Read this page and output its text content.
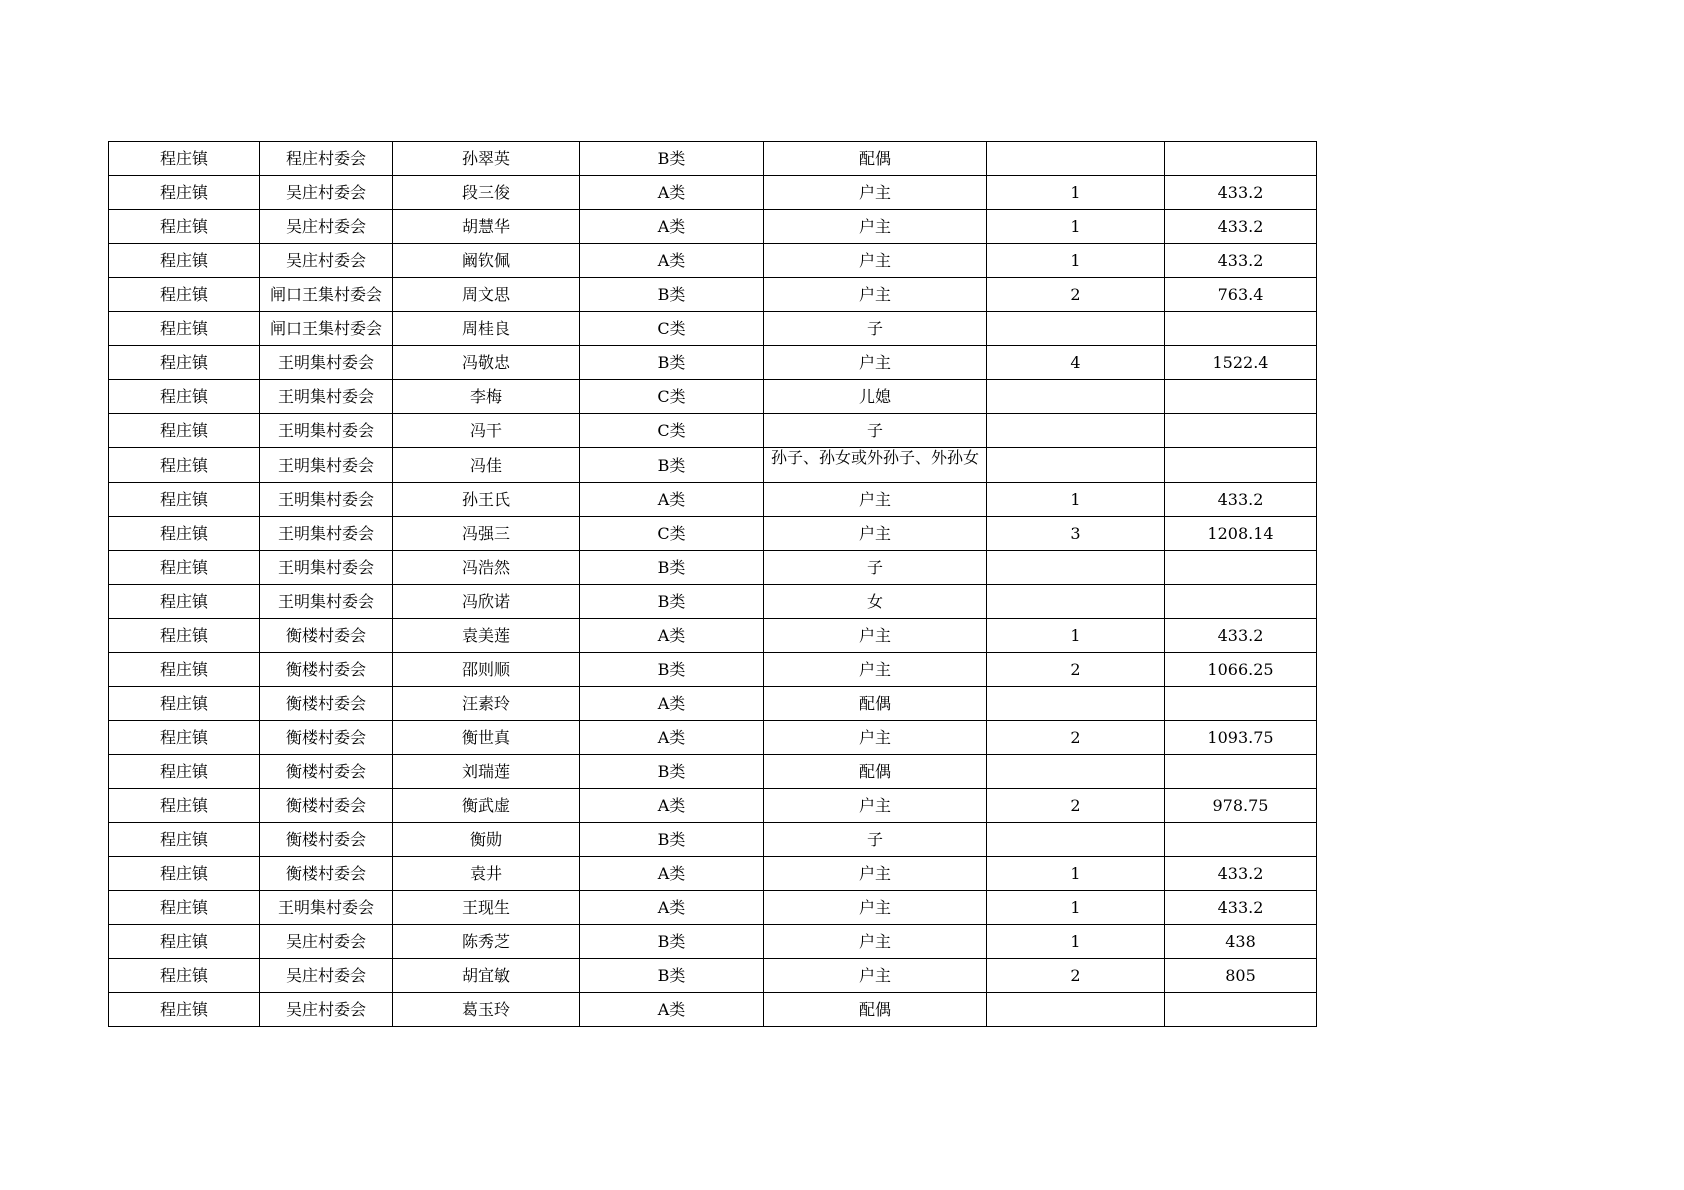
程庄镇	程庄村委会	孙翠英	B类	配偶		
程庄镇	吴庄村委会	段三俊	A类	户主	1	433.2
程庄镇	吴庄村委会	胡慧华	A类	户主	1	433.2
程庄镇	吴庄村委会	阚钦佩	A类	户主	1	433.2
程庄镇	闸口王集村委会	周文思	B类	户主	2	763.4
程庄镇	闸口王集村委会	周桂良	C类	子		
程庄镇	王明集村委会	冯敬忠	B类	户主	4	1522.4
程庄镇	王明集村委会	李梅	C类	儿媳		
程庄镇	王明集村委会	冯干	C类	子		
程庄镇	王明集村委会	冯佳	B类	孙子、孙女或外孙子、外孙女		

程庄镇	王明集村委会	孙王氏	A类	户主	1	433.2
程庄镇	王明集村委会	冯强三	C类	户主	3	1208.14
程庄镇	王明集村委会	冯浩然	B类	子		
程庄镇	王明集村委会	冯欣诺	B类	女		
程庄镇	衡楼村委会	袁美莲	A类	户主	1	433.2
程庄镇	衡楼村委会	邵则顺	B类	户主	2	1066.25
程庄镇	衡楼村委会	汪素玲	A类	配偶		
程庄镇	衡楼村委会	衡世真	A类	户主	2	1093.75
程庄镇	衡楼村委会	刘瑞莲	B类	配偶		
程庄镇	衡楼村委会	衡武虚	A类	户主	2	978.75
程庄镇	衡楼村委会	衡勋	B类	子		
程庄镇	衡楼村委会	袁井	A类	户主	1	433.2
程庄镇	王明集村委会	王现生	A类	户主	1	433.2
程庄镇	吴庄村委会	陈秀芝	B类	户主	1	438
程庄镇	吴庄村委会	胡宜敏	B类	户主	2	805
程庄镇	吴庄村委会	葛玉玲	A类	配偶		
